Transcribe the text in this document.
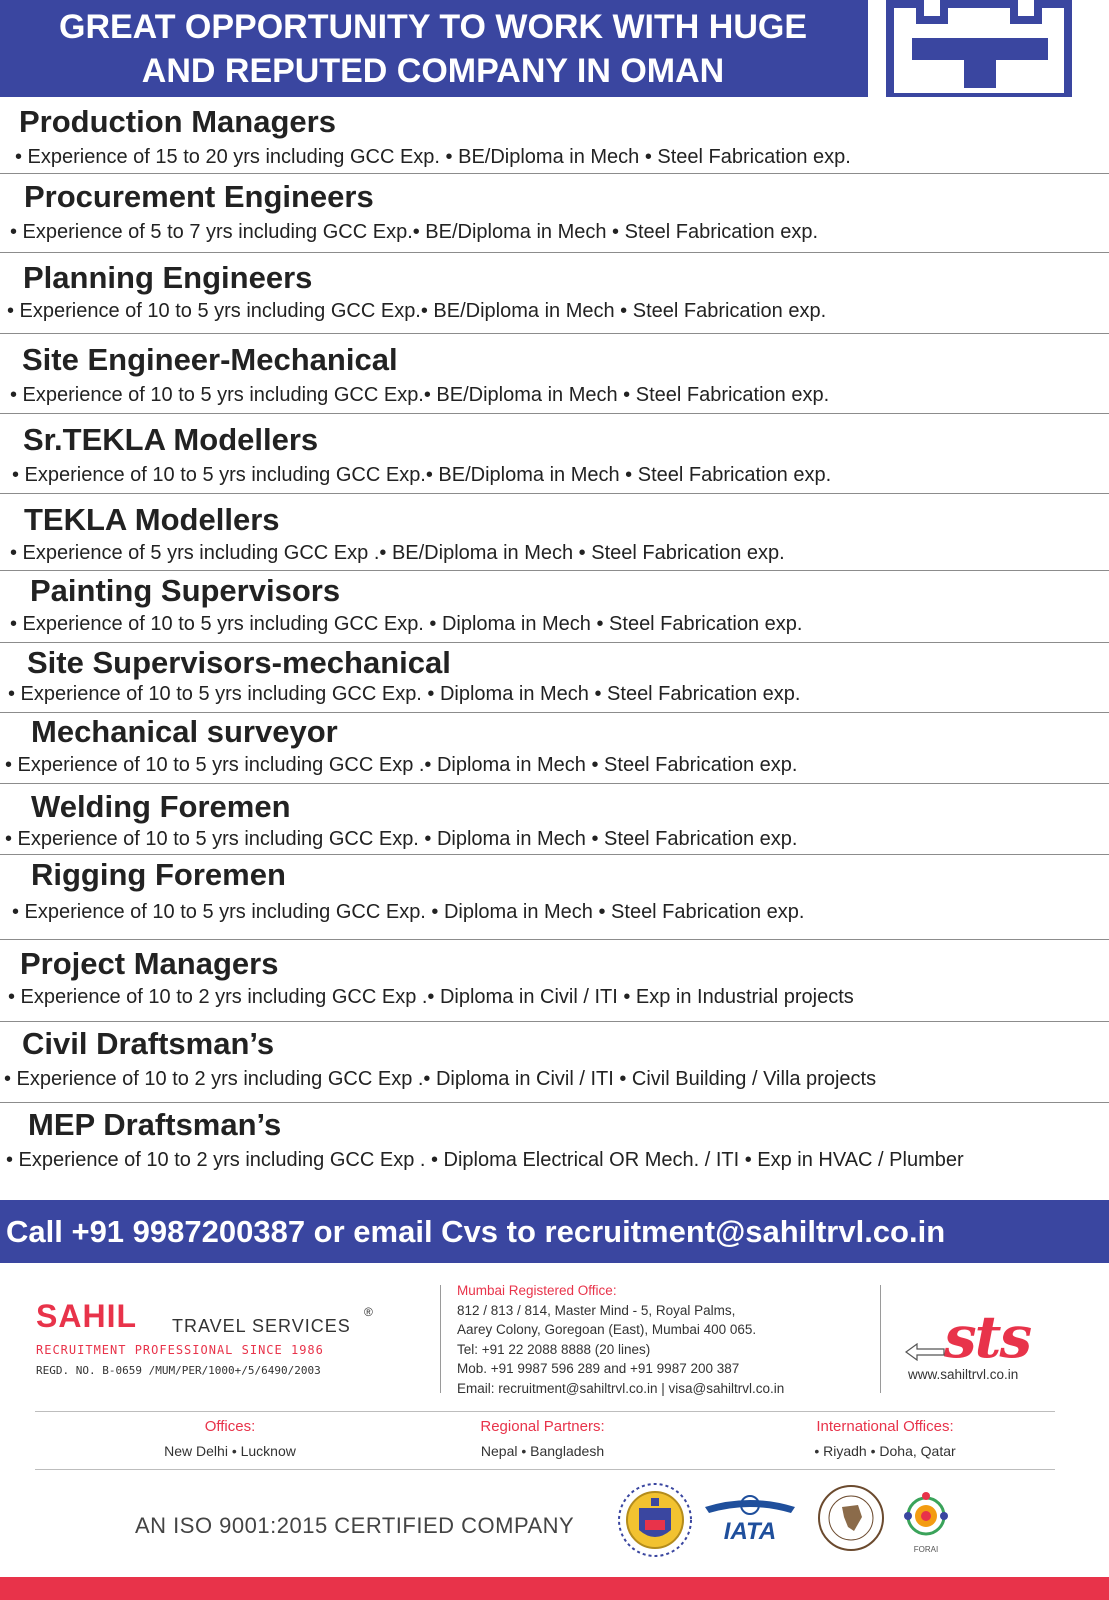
GREAT OPPORTUNITY TO WORK WITH HUGE
AND REPUTED COMPANY IN OMAN
Production Managers
• Experience of 15 to 20 yrs including GCC Exp. • BE/Diploma in Mech • Steel Fabrication exp.
Procurement Engineers
• Experience of 5 to 7 yrs including GCC Exp.• BE/Diploma in Mech • Steel Fabrication exp.
Planning Engineers
• Experience of 10 to 5 yrs including GCC Exp.• BE/Diploma in Mech • Steel Fabrication exp.
Site Engineer-Mechanical
• Experience of 10 to 5 yrs including GCC Exp.• BE/Diploma in Mech • Steel Fabrication exp.
Sr.TEKLA Modellers
• Experience of 10 to 5 yrs including GCC Exp.• BE/Diploma in Mech • Steel Fabrication exp.
TEKLA Modellers
• Experience of 5 yrs including GCC Exp .• BE/Diploma in Mech • Steel Fabrication exp.
Painting Supervisors
• Experience of 10 to 5 yrs including GCC Exp. • Diploma in Mech • Steel Fabrication exp.
Site Supervisors-mechanical
• Experience of 10 to 5 yrs including GCC Exp. • Diploma in Mech • Steel Fabrication exp.
Mechanical surveyor
• Experience of 10 to 5 yrs including GCC Exp .• Diploma in Mech • Steel Fabrication exp.
Welding Foremen
• Experience of 10 to 5 yrs including GCC Exp. • Diploma in Mech • Steel Fabrication exp.
Rigging Foremen
• Experience of 10 to 5 yrs including GCC Exp. • Diploma in Mech • Steel Fabrication exp.
Project Managers
• Experience of 10 to 2 yrs including GCC Exp .• Diploma in Civil / ITI • Exp in Industrial projects
Civil Draftsman’s
• Experience of 10 to 2 yrs including GCC Exp .• Diploma in Civil / ITI • Civil Building / Villa projects
MEP Draftsman’s
• Experience of 10 to 2 yrs including GCC Exp . • Diploma Electrical OR Mech. / ITI • Exp in HVAC / Plumber
Call +91 9987200387 or email Cvs to recruitment@sahiltrvl.co.in
SAHIL TRAVEL SERVICES
®
RECRUITMENT PROFESSIONAL SINCE 1986
REGD. NO. B-0659 /MUM/PER/1000+/5/6490/2003
Mumbai Registered Office:
812 / 813 / 814, Master Mind - 5, Royal Palms,
Aarey Colony, Goregoan (East), Mumbai 400 065.
Tel: +91 22 2088 8888 (20 lines)
Mob. +91 9987 596 289 and +91 9987 200 387
Email: recruitment@sahiltrvl.co.in | visa@sahiltrvl.co.in
sts
www.sahiltrvl.co.in
Offices:
New Delhi • Lucknow
Regional Partners:
Nepal • Bangladesh
International Offices:
• Riyadh • Doha, Qatar
AN ISO 9001:2015 CERTIFIED COMPANY	IATA
FORAI
